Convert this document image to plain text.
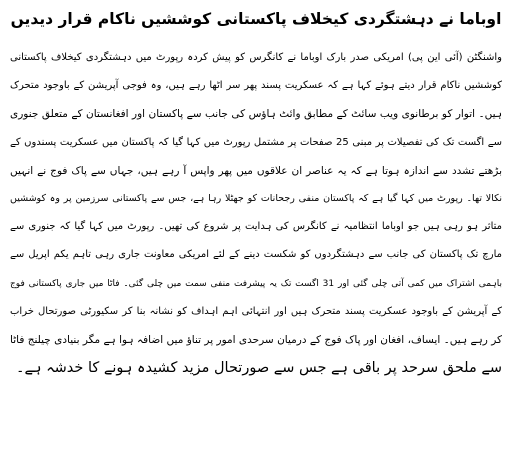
اوباما نے دہشتگردی کیخلاف پاکستانی کوششیں ناکام قرار دیدیں
واشنگٹن (آئی این پی) امریکی صدر بارک اوباما نے کانگرس کو پیش کردہ رپورٹ میں دہشتگردی کیخلاف پاکستانی
کوششیں ناکام قرار دیتے ہوئے کہا ہے کہ عسکریت پسند پھر سر اٹھا رہے ہیں، وہ فوجی آپریشن کے باوجود متحرک
ہیں۔ اتوار کو برطانوی ویب سائٹ کے مطابق وائٹ ہاؤس کی جانب سے پاکستان اور افغانستان کے متعلق جنوری
سے اگست تک کی تفصیلات پر مبنی 25 صفحات پر مشتمل رپورٹ میں کہا گیا کہ پاکستان میں عسکریت پسندوں کے
بڑھتے تشدد سے اندازہ ہوتا ہے کہ یہ عناصر ان علاقوں میں پھر واپس آ رہے ہیں، جہاں سے پاک فوج نے انہیں
نکالا تھا۔ رپورٹ میں کہا گیا ہے کہ پاکستان منفی رجحانات کو جھٹلا رہا ہے، جس سے پاکستانی سرزمین پر وہ کوششیں
متاثر ہو رہی ہیں جو اوباما انتظامیہ نے کانگرس کی ہدایت پر شروع کی تھیں۔ رپورٹ میں کہا گیا کہ جنوری سے
مارچ تک پاکستان کی جانب سے دہشتگردوں کو شکست دینے کے لئے امریکی معاونت جاری رہی تاہم یکم اپریل سے
باہمی اشتراک میں کمی آتی چلی گئی اور 31 اگست تک یہ پیشرفت منفی سمت میں چلی گئی۔ فاٹا میں جاری پاکستانی فوج
کے آپریشن کے باوجود عسکریت پسند متحرک ہیں اور انتہائی اہم اہداف کو نشانہ بنا کر سکیورٹی صورتحال خراب
کر رہے ہیں۔ ایساف، افغان اور پاک فوج کے درمیان سرحدی امور پر تناؤ میں اضافہ ہوا ہے مگر بنیادی چیلنج فاٹا
سے ملحق سرحد پر باقی ہے جس سے صورتحال مزید کشیدہ ہونے کا خدشہ ہے۔
